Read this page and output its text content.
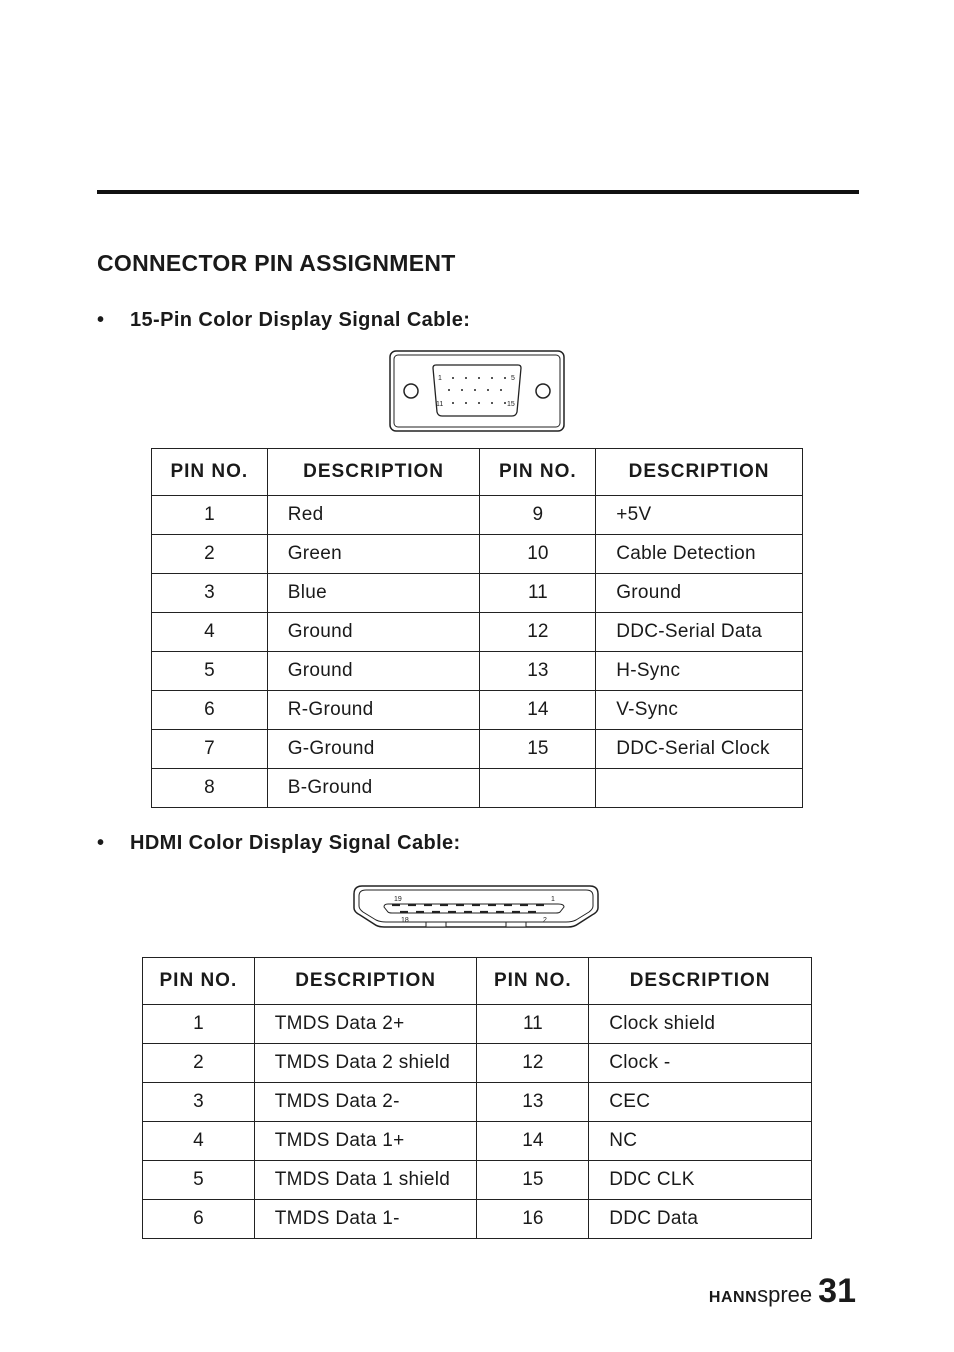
CONNECTOR PIN ASSIGNMENT
• 15-Pin Color Display Signal Cable:
1	5
11	15
PIN NO.	DESCRIPTION	PIN NO.	DESCRIPTION
1	Red	9	+5V
2	Green	10	Cable Detection
3	Blue	11	Ground
4	Ground	12	DDC-Serial Data
5	Ground	13	H-Sync
6	R-Ground	14	V-Sync
7	G-Ground	15	DDC-Serial Clock
8	B-Ground		
• HDMI Color Display Signal Cable:
19	1
18	2
PIN NO.	DESCRIPTION	PIN NO.	DESCRIPTION
1	TMDS Data 2+	11	Clock shield
2	TMDS Data 2 shield	12	Clock -
3	TMDS Data 2-	13	CEC
4	TMDS Data 1+	14	NC
5	TMDS Data 1 shield	15	DDC CLK
6	TMDS Data 1-	16	DDC Data
HANNspree 31
